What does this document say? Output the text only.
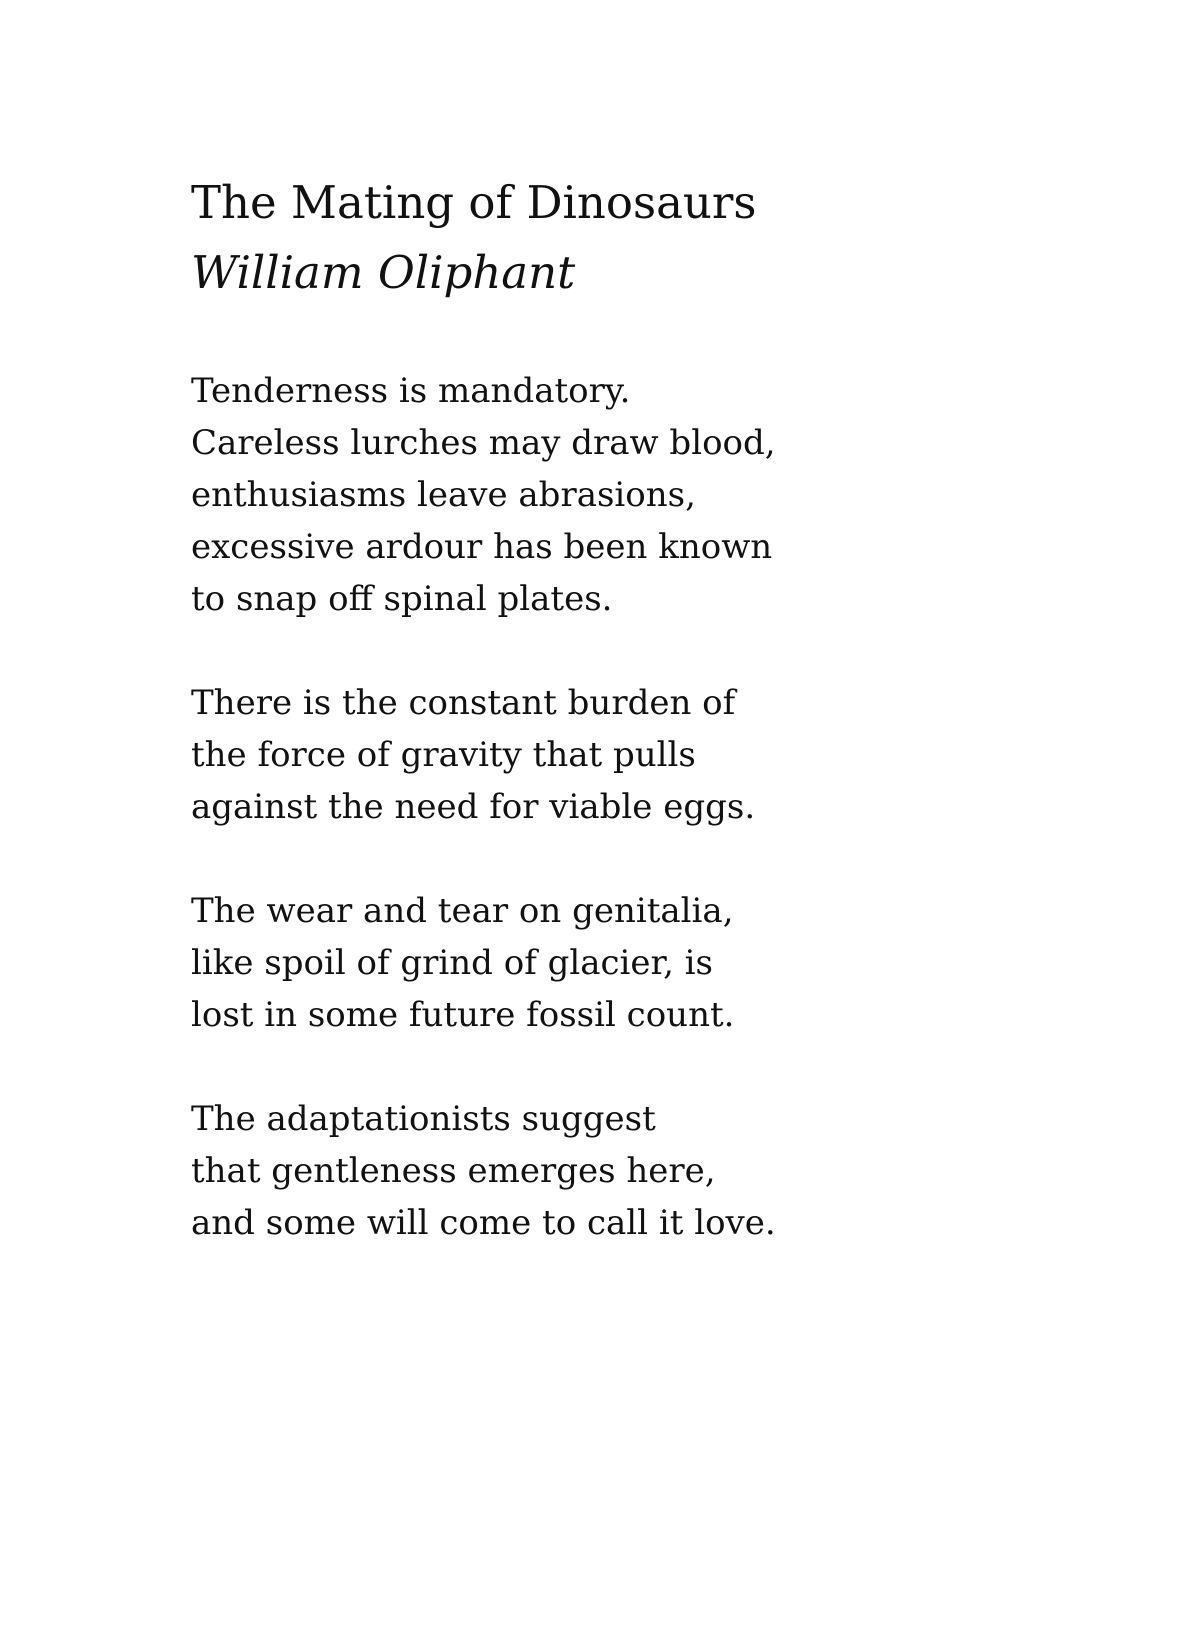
The Mating of Dinosaurs

William Oliphant

Tenderness is mandatory.
Careless lurches may draw blood,
enthusiasms leave abrasions,
excessive ardour has been known
to snap off spinal plates.
There is the constant burden of
the force of gravity that pulls
against the need for viable eggs.
The wear and tear on genitalia,
like spoil of grind of glacier, is
lost in some future fossil count.
The adaptationists suggest
that gentleness emerges here,
and some will come to call it love.
